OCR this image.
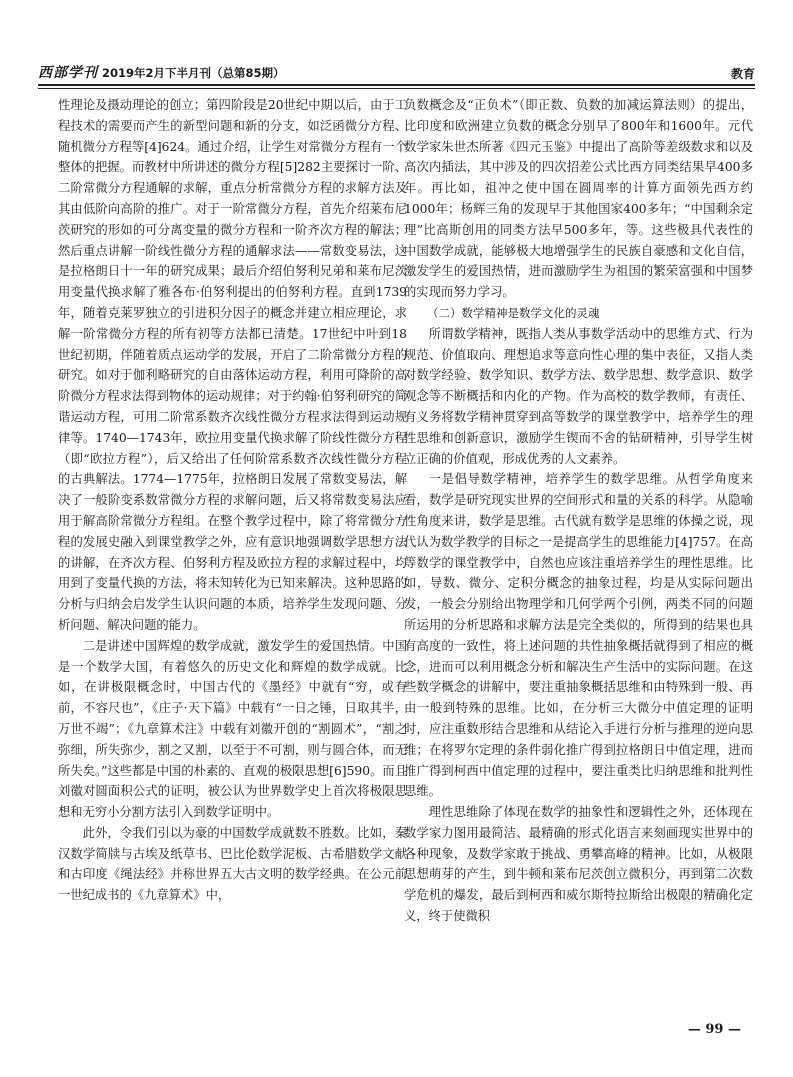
西部学刊 2019年2月下半月刊（总第85期）	教育

性理论及摄动理论的创立；第四阶段是20世纪中期以后，由于工程技术的需要而产生的新型问题和新的分支，如泛函微分方程、随机微分方程等[4]624。通过介绍，让学生对常微分方程有一个整体的把握。而教材中所讲述的微分方程[5]282主要探讨一阶、二阶常微分方程通解的求解，重点分析常微分方程的求解方法及其由低阶向高阶的推广。对于一阶常微分方程，首先介绍莱布尼茨研究的形如的可分离变量的微分方程和一阶齐次方程的解法；然后重点讲解一阶线性微分方程的通解求法——常数变易法，这是拉格朗日十一年的研究成果；最后介绍伯努利兄弟和莱布尼茨用变量代换求解了雅各布·伯努利提出的伯努利方程。直到1739年，随着克莱罗独立的引进积分因子的概念并建立相应理论，求解一阶常微分方程的所有初等方法都已清楚。17世纪中叶到18世纪初期，伴随着质点运动学的发展，开启了二阶常微分方程的研究。如对于伽利略研究的自由落体运动方程，利用可降阶的高阶微分方程求法得到物体的运动规律；对于约翰·伯努利研究的简谐运动方程，可用二阶常系数齐次线性微分方程求法得到运动规律等。1740—1743年，欧拉用变量代换求解了阶线性微分方程（即“欧拉方程”），后又给出了任何阶常系数齐次线性微分方程的古典解法。1774—1775年，拉格朗日发展了常数变易法，解决了一般阶变系数常微分方程的求解问题，后又将常数变易法应用于解高阶常微分方程组。在整个教学过程中，除了将常微分方程的发展史融入到课堂教学之外，应有意识地强调数学思想方法的讲解，在齐次方程、伯努利方程及欧拉方程的求解过程中，均用到了变量代换的方法，将未知转化为已知来解决。这种思路的分析与归纳会启发学生认识问题的本质，培养学生发现问题、分析问题、解决问题的能力。

二是讲述中国辉煌的数学成就，激发学生的爱国热情。中国是一个数学大国，有着悠久的历史文化和辉煌的数学成就。比如，在讲极限概念时，中国古代的《墨经》中就有“穷，或有前，不容尺也”，《庄子·天下篇》中载有“一日之锤，日取其半，万世不竭”；《九章算术注》中载有刘徽开创的“割圆术”，“割之弥细，所失弥少，割之又割，以至于不可割，则与圆合体，而无所失矣。”这些都是中国的朴素的、直观的极限思想[6]590。而且刘徽对圆面积公式的证明，被公认为世界数学史上首次将极限思想和无穷小分割方法引入到数学证明中。

此外，令我们引以为豪的中国数学成就数不胜数。比如，秦汉数学简牍与古埃及纸草书、巴比伦数学泥板、古希腊数学文献和古印度《绳法经》并称世界五大古文明的数学经典。在公元前一世纪成书的《九章算术》中，

负数概念及“正负术”（即正数、负数的加减运算法则）的提出，比印度和欧洲建立负数的概念分别早了800年和1600年。元代数学家朱世杰所著《四元玉鉴》中提出了高阶等差级数求和以及高次内插法，其中涉及的四次招差公式比西方同类结果早400多年。再比如，祖冲之使中国在圆周率的计算方面领先西方约1000年；杨辉三角的发现早于其他国家400多年；“中国剩余定理”比高斯创用的同类方法早500多年，等。这些极具代表性的中国数学成就，能够极大地增强学生的民族自豪感和文化自信，激发学生的爱国热情，进而激励学生为祖国的繁荣富强和中国梦的实现而努力学习。

（二）数学精神是数学文化的灵魂

所谓数学精神，既指人类从事数学活动中的思维方式、行为规范、价值取向、理想追求等意向性心理的集中表征，又指人类对数学经验、数学知识、数学方法、数学思想、数学意识、数学观念等不断概括和内化的产物。作为高校的数学教师，有责任、有义务将数学精神贯穿到高等数学的课堂教学中，培养学生的理性思维和创新意识，激励学生锲而不舍的钻研精神，引导学生树立正确的价值观，形成优秀的人文素养。

一是倡导数学精神，培养学生的数学思维。从哲学角度来看，数学是研究现实世界的空间形式和量的关系的科学。从隐喻性角度来讲，数学是思维。古代就有数学是思维的体操之说，现代认为数学教学的目标之一是提高学生的思维能力[4]757。在高等数学的课堂教学中，自然也应该注重培养学生的理性思维。比如，导数、微分、定积分概念的抽象过程，均是从实际问题出发，一般会分别给出物理学和几何学两个引例，两类不同的问题所运用的分析思路和求解方法是完全类似的，所得到的结果也具有高度的一致性，将上述问题的共性抽象概括就得到了相应的概念，进而可以利用概念分析和解决生产生活中的实际问题。在这些数学概念的讲解中，要注重抽象概括思维和由特殊到一般、再由一般到特殊的思维。比如，在分析三大微分中值定理的证明时，应注重数形结合思维和从结论入手进行分析与推理的逆向思维；在将罗尔定理的条件弱化推广得到拉格朗日中值定理，进而推广得到柯西中值定理的过程中，要注重类比归纳思维和批判性思维。

理性思维除了体现在数学的抽象性和逻辑性之外，还体现在数学家力图用最简洁、最精确的形式化语言来刻画现实世界中的各种现象，及数学家敢于挑战、勇攀高峰的精神。比如，从极限思想萌芽的产生，到牛顿和莱布尼茨创立微积分，再到第二次数学危机的爆发，最后到柯西和威尔斯特拉斯给出极限的精确化定义，终于使微积

— 99 —
